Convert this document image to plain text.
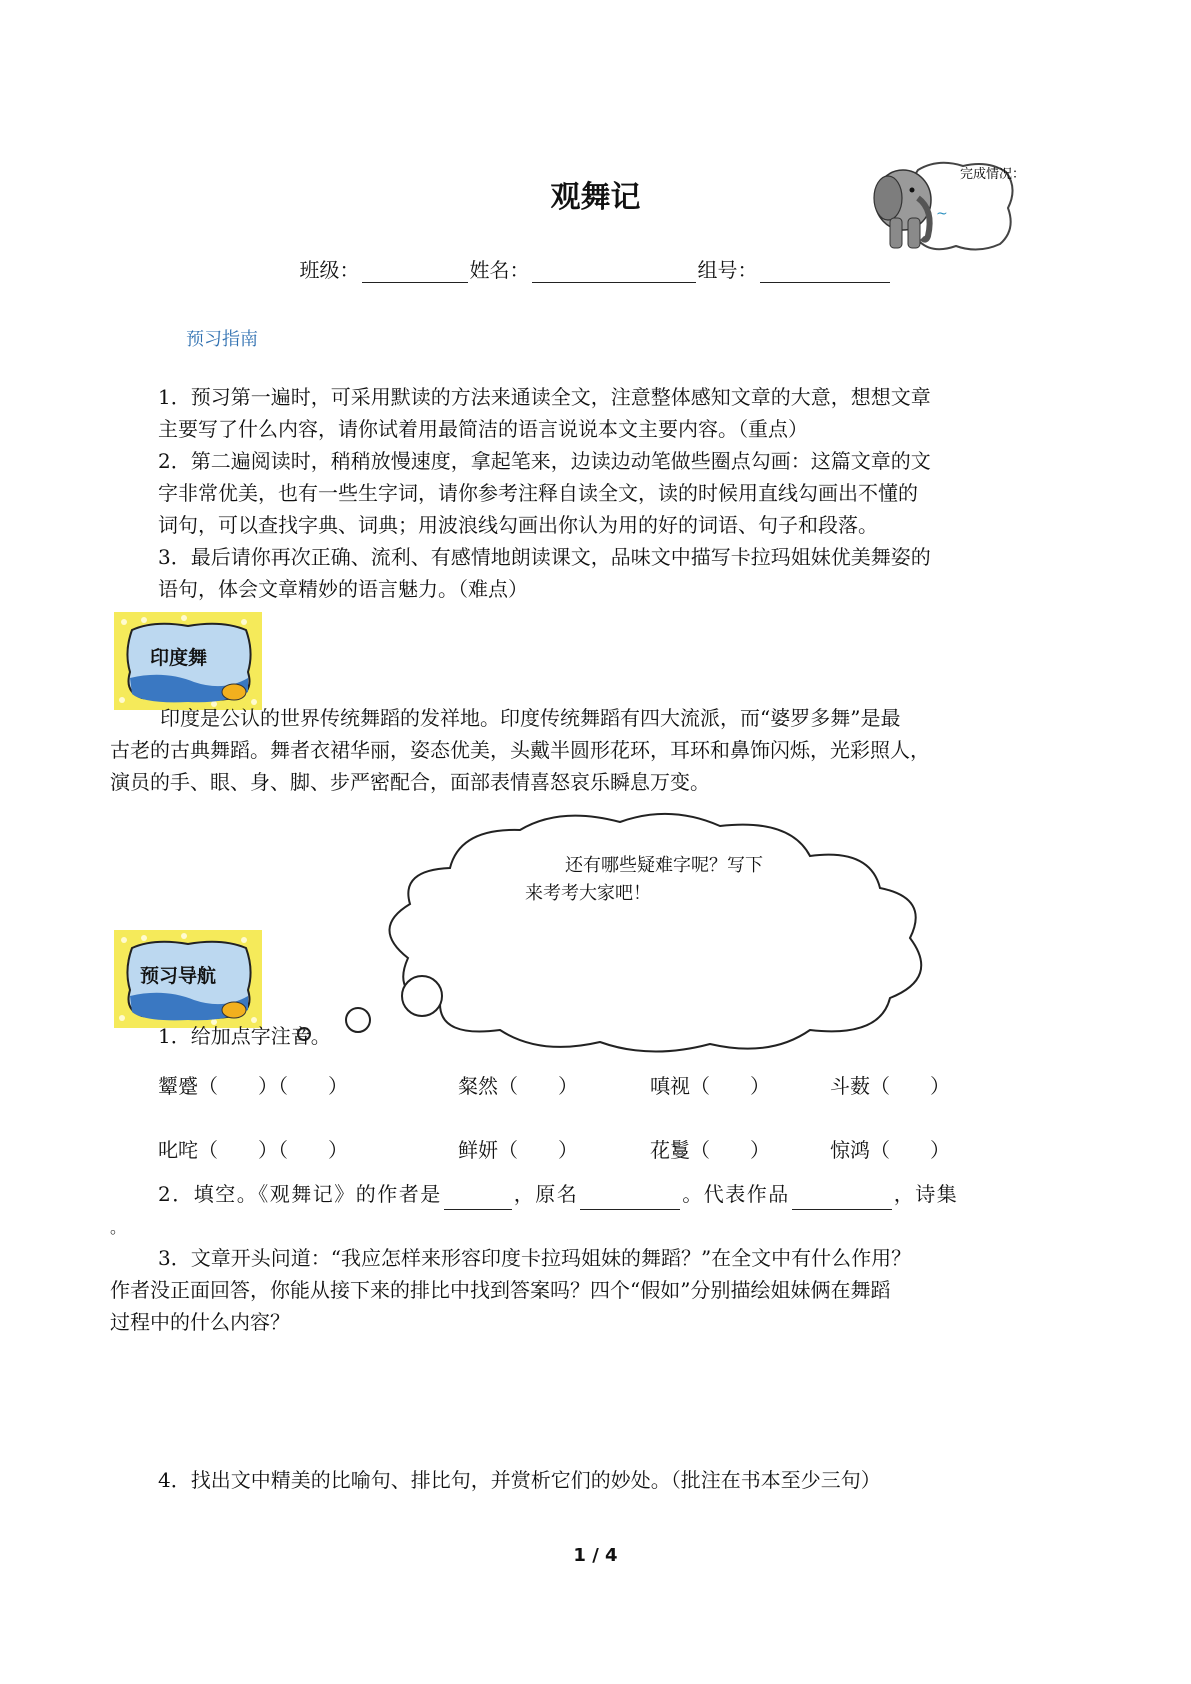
观舞记
完成情况：
~
班级：	姓名：	组号：
预习指南
1．预习第一遍时，可采用默读的方法来通读全文，注意整体感知文章的大意，想想文章
主要写了什么内容，请你试着用最简洁的语言说说本文主要内容。（重点）
2．第二遍阅读时，稍稍放慢速度，拿起笔来，边读边动笔做些圈点勾画：这篇文章的文
字非常优美，也有一些生字词，请你参考注释自读全文，读的时候用直线勾画出不懂的
词句，可以查找字典、词典；用波浪线勾画出你认为用的好的词语、句子和段落。
3．最后请你再次正确、流利、有感情地朗读课文，品味文中描写卡拉玛姐妹优美舞姿的
语句，体会文章精妙的语言魅力。（难点）
印度舞
印度是公认的世界传统舞蹈的发祥地。印度传统舞蹈有四大流派，而“婆罗多舞”是最
古老的古典舞蹈。舞者衣裙华丽，姿态优美，头戴半圆形花环，耳环和鼻饰闪烁，光彩照人，
演员的手、眼、身、脚、步严密配合，面部表情喜怒哀乐瞬息万变。
还有哪些疑难字呢？写下
来考考大家吧！
预习导航
1．给加点字注音。
颦蹙（　　）（　　）	粲然（　　）	嗔视（　　）	斗薮（　　）
叱咤（　　）（　　）	鲜妍（　　）	花鬘（　　）	惊鸿（　　）
2．填空。《观舞记》的作者是	，原名	。代表作品	，诗集
。
3．文章开头问道：“我应怎样来形容印度卡拉玛姐妹的舞蹈？”在全文中有什么作用？
作者没正面回答，你能从接下来的排比中找到答案吗？四个“假如”分别描绘姐妹俩在舞蹈
过程中的什么内容？
4．找出文中精美的比喻句、排比句，并赏析它们的妙处。（批注在书本至少三句）
1 / 4
